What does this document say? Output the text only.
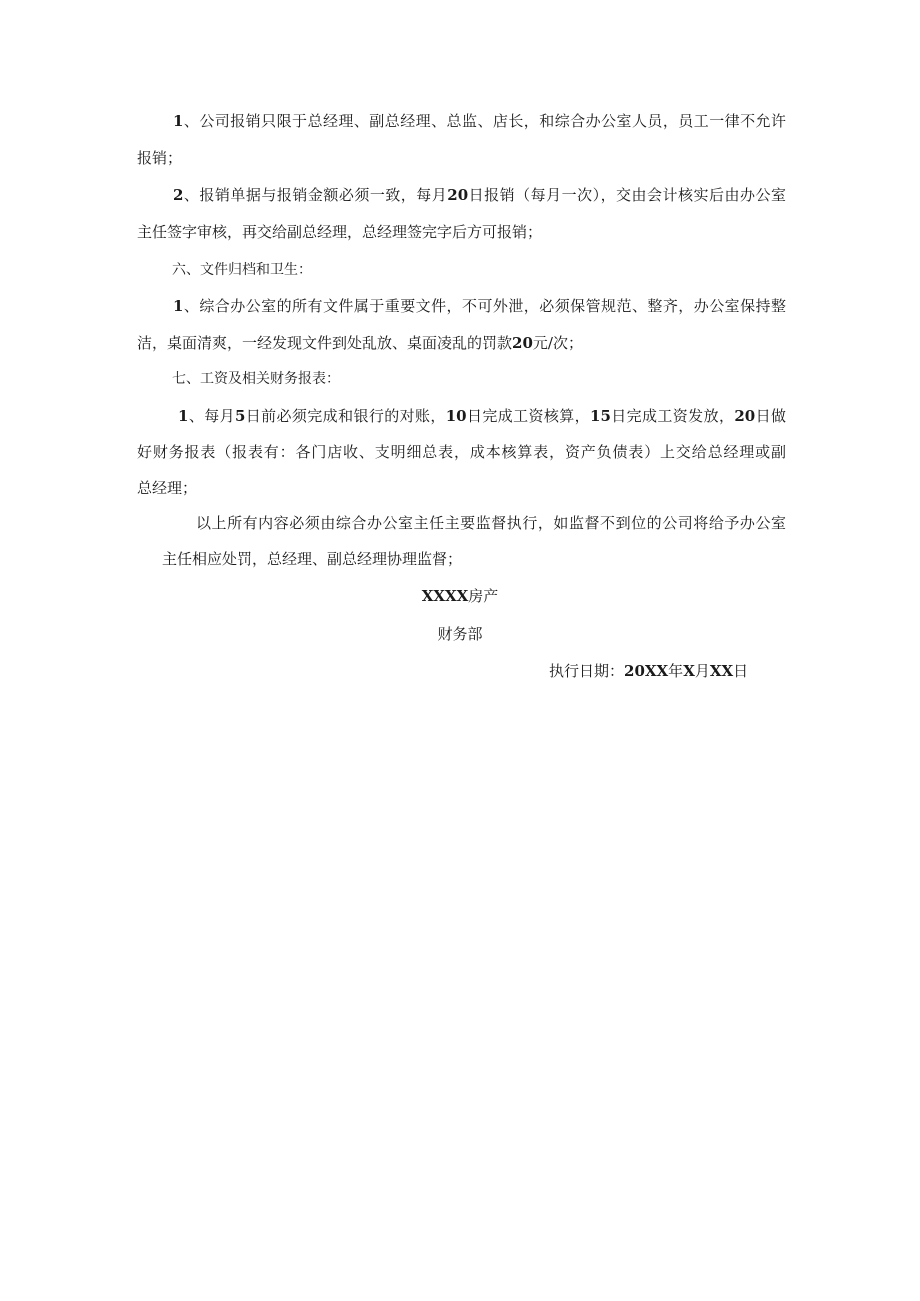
1、公司报销只限于总经理、副总经理、总监、店长，和综合办公室人员，员工一律不允许

报销；

2、报销单据与报销金额必须一致，每月20日报销（每月一次），交由会计核实后由办公室

主任签字审核，再交给副总经理，总经理签完字后方可报销；

六、文件归档和卫生：

1、综合办公室的所有文件属于重要文件，不可外泄，必须保管规范、整齐，办公室保持整

洁，桌面清爽，一经发现文件到处乱放、桌面凌乱的罚款20元/次；

七、工资及相关财务报表：

1、每月5日前必须完成和银行的对账，10日完成工资核算，15日完成工资发放，20日做

好财务报表（报表有：各门店收、支明细总表，成本核算表，资产负债表）上交给总经理或副

总经理；

以上所有内容必须由综合办公室主任主要监督执行，如监督不到位的公司将给予办公室

主任相应处罚，总经理、副总经理协理监督；

XXXX房产

财务部

执行日期：20XX年X月XX日
